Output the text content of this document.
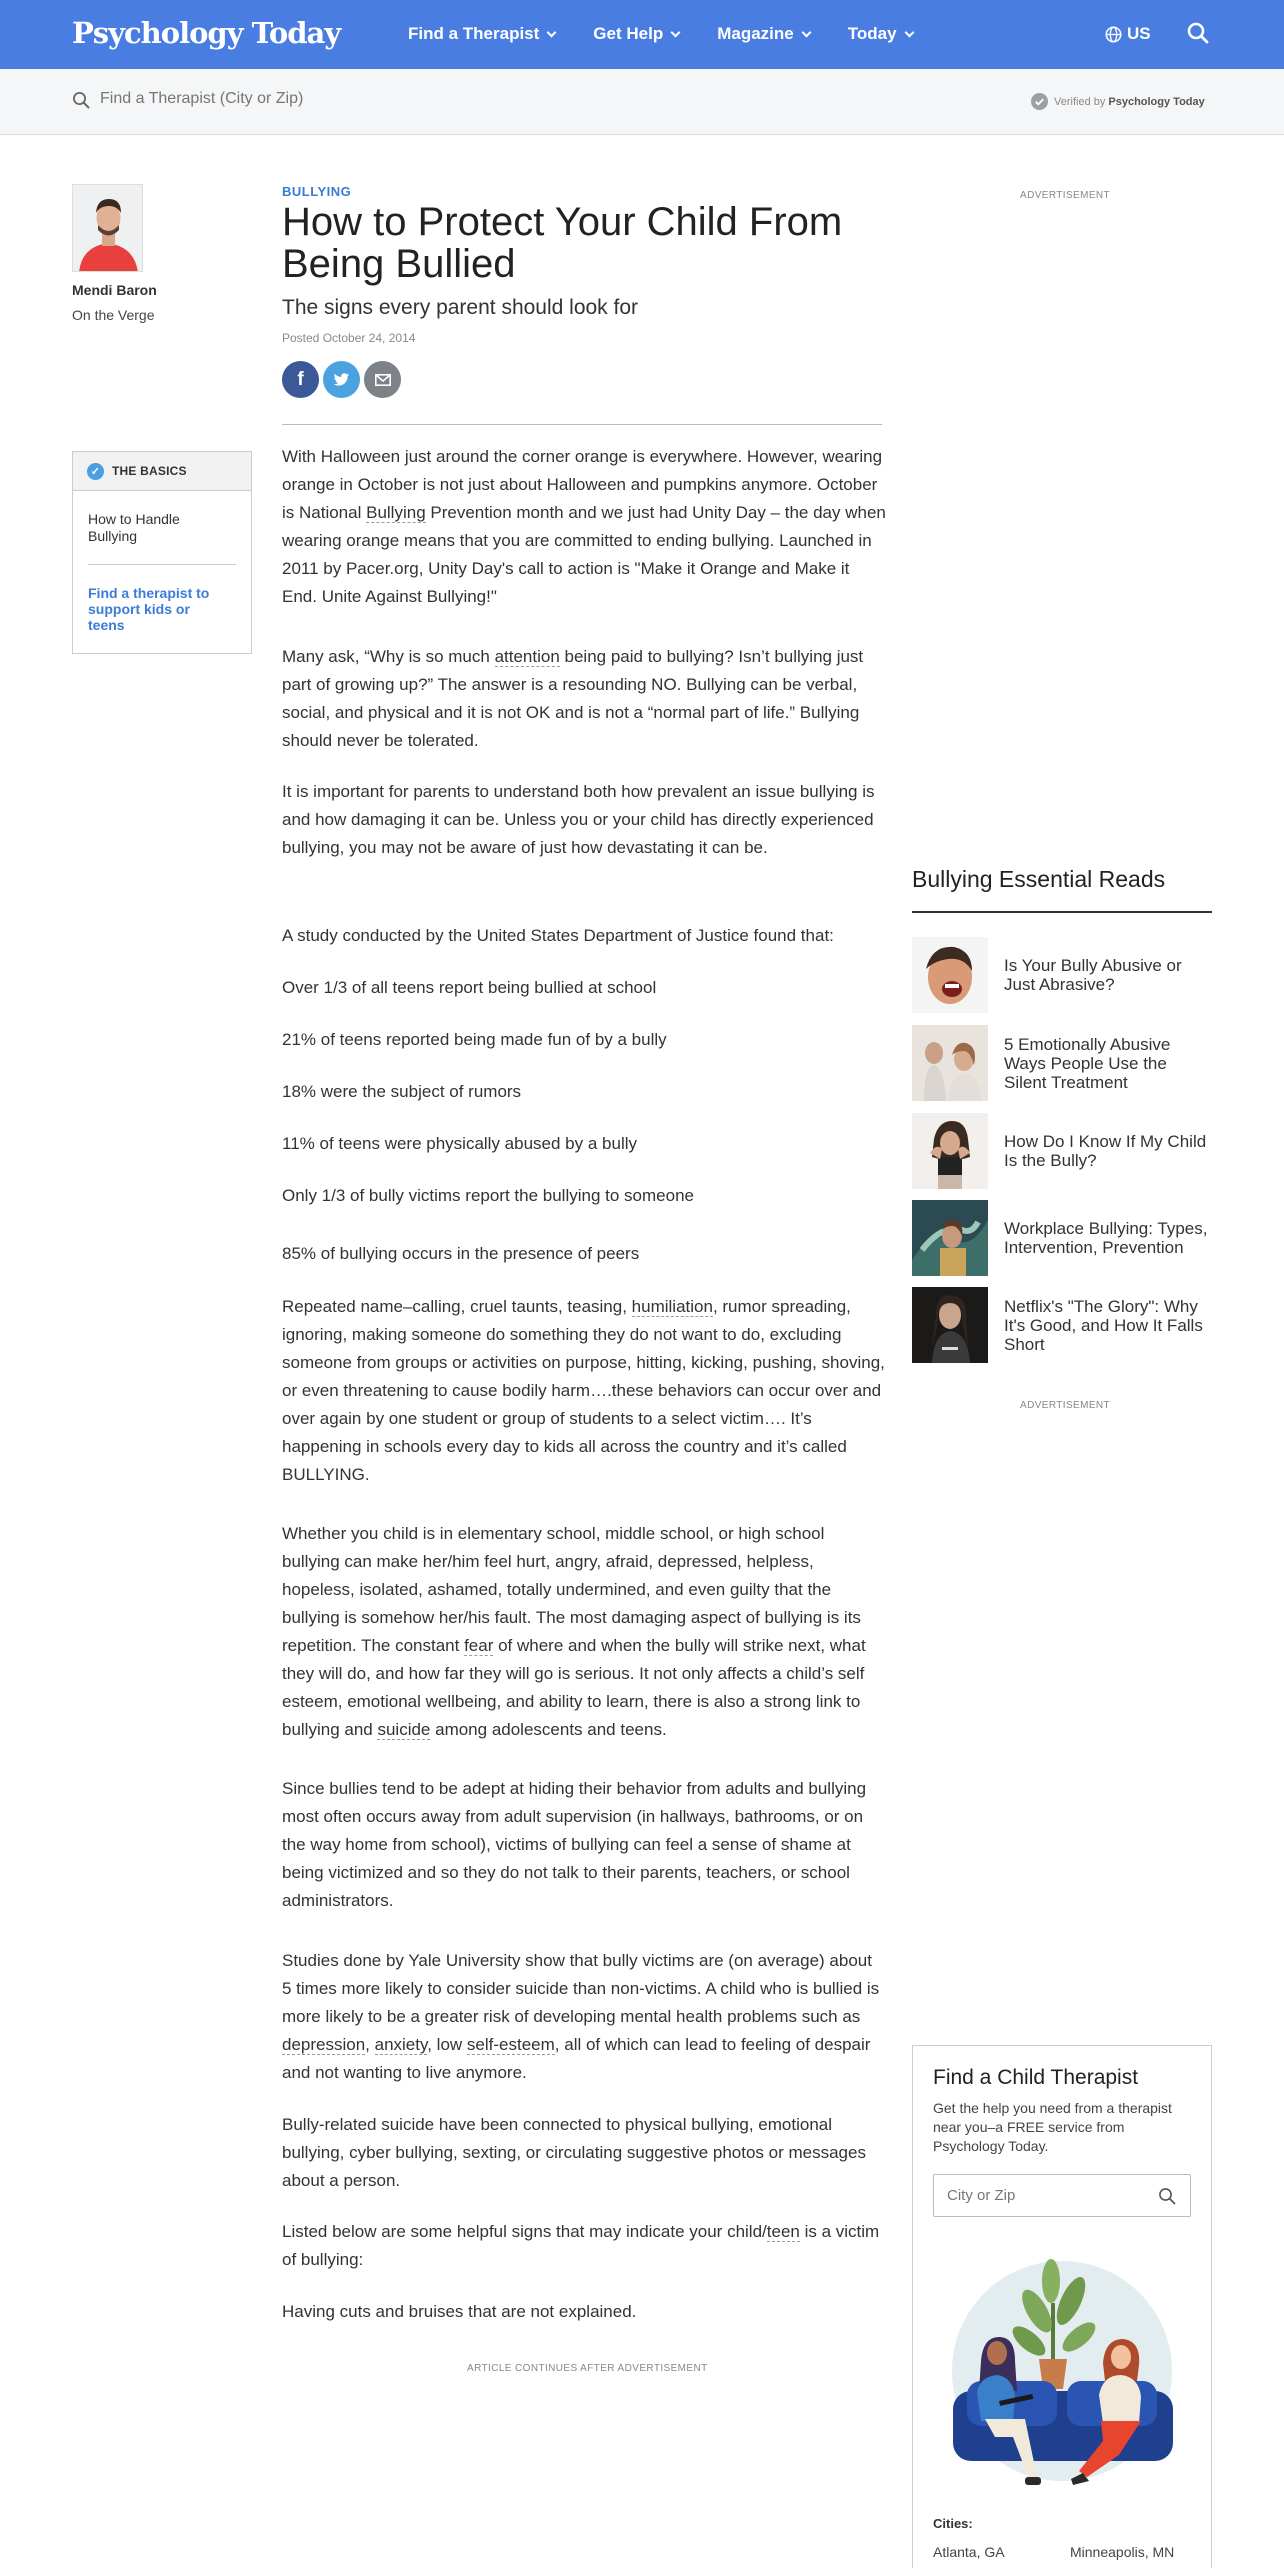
Psychology Today	Find a Therapist	Get Help	Magazine	Today	US
Find a Therapist (City or Zip)
Verified by Psychology Today
Mendi Baron
On the Verge
✓ THE BASICS
How to Handle Bullying
Find a therapist to support kids or teens
BULLYING
How to Protect Your Child From Being Bullied
The signs every parent should look for
Posted October 24, 2014
f

With Halloween just around the corner orange is everywhere. However, wearing orange in October is not just about Halloween and pumpkins anymore. October is National Bullying Prevention month and we just had Unity Day – the day when wearing orange means that you are committed to ending bullying. Launched in 2011 by Pacer.org, Unity Day's call to action is "Make it Orange and Make it End. Unite Against Bullying!"

Many ask, “Why is so much attention being paid to bullying? Isn’t bullying just part of growing up?” The answer is a resounding NO. Bullying can be verbal, social, and physical and it is not OK and is not a “normal part of life.” Bullying should never be tolerated.

It is important for parents to understand both how prevalent an issue bullying is and how damaging it can be. Unless you or your child has directly experienced bullying, you may not be aware of just how devastating it can be.

A study conducted by the United States Department of Justice found that:

Over 1/3 of all teens report being bullied at school

21% of teens reported being made fun of by a bully

18% were the subject of rumors

11% of teens were physically abused by a bully

Only 1/3 of bully victims report the bullying to someone

85% of bullying occurs in the presence of peers

Repeated name–calling, cruel taunts, teasing, humiliation, rumor spreading, ignoring, making someone do something they do not want to do, excluding someone from groups or activities on purpose, hitting, kicking, pushing, shoving, or even threatening to cause bodily harm….these behaviors can occur over and over again by one student or group of students to a select victim…. It’s happening in schools every day to kids all across the country and it’s called BULLYING.

Whether you child is in elementary school, middle school, or high school bullying can make her/him feel hurt, angry, afraid, depressed, helpless, hopeless, isolated, ashamed, totally undermined, and even guilty that the bullying is somehow her/his fault. The most damaging aspect of bullying is its repetition. The constant fear of where and when the bully will strike next, what they will do, and how far they will go is serious. It not only affects a child’s self esteem, emotional wellbeing, and ability to learn, there is also a strong link to bullying and suicide among adolescents and teens.

Since bullies tend to be adept at hiding their behavior from adults and bullying most often occurs away from adult supervision (in hallways, bathrooms, or on the way home from school), victims of bullying can feel a sense of shame at being victimized and so they do not talk to their parents, teachers, or school administrators.

Studies done by Yale University show that bully victims are (on average) about 5 times more likely to consider suicide than non-victims. A child who is bullied is more likely to be a greater risk of developing mental health problems such as depression, anxiety, low self-esteem, all of which can lead to feeling of despair and not wanting to live anymore.

Bully-related suicide have been connected to physical bullying, emotional bullying, cyber bullying, sexting, or circulating suggestive photos or messages about a person.

Listed below are some helpful signs that may indicate your child/teen is a victim of bullying:

Having cuts and bruises that are not explained.

ARTICLE CONTINUES AFTER ADVERTISEMENT
ADVERTISEMENT
Bullying Essential Reads
Is Your Bully Abusive or Just Abrasive?
5 Emotionally Abusive Ways People Use the Silent Treatment
How Do I Know If My Child Is the Bully?
Workplace Bullying: Types, Intervention, Prevention
Netflix's "The Glory": Why It's Good, and How It Falls Short
ADVERTISEMENT
Find a Child Therapist
Get the help you need from a therapist near you–a FREE service from Psychology Today.
City or Zip
Cities:
Atlanta, GA	Minneapolis, MN
